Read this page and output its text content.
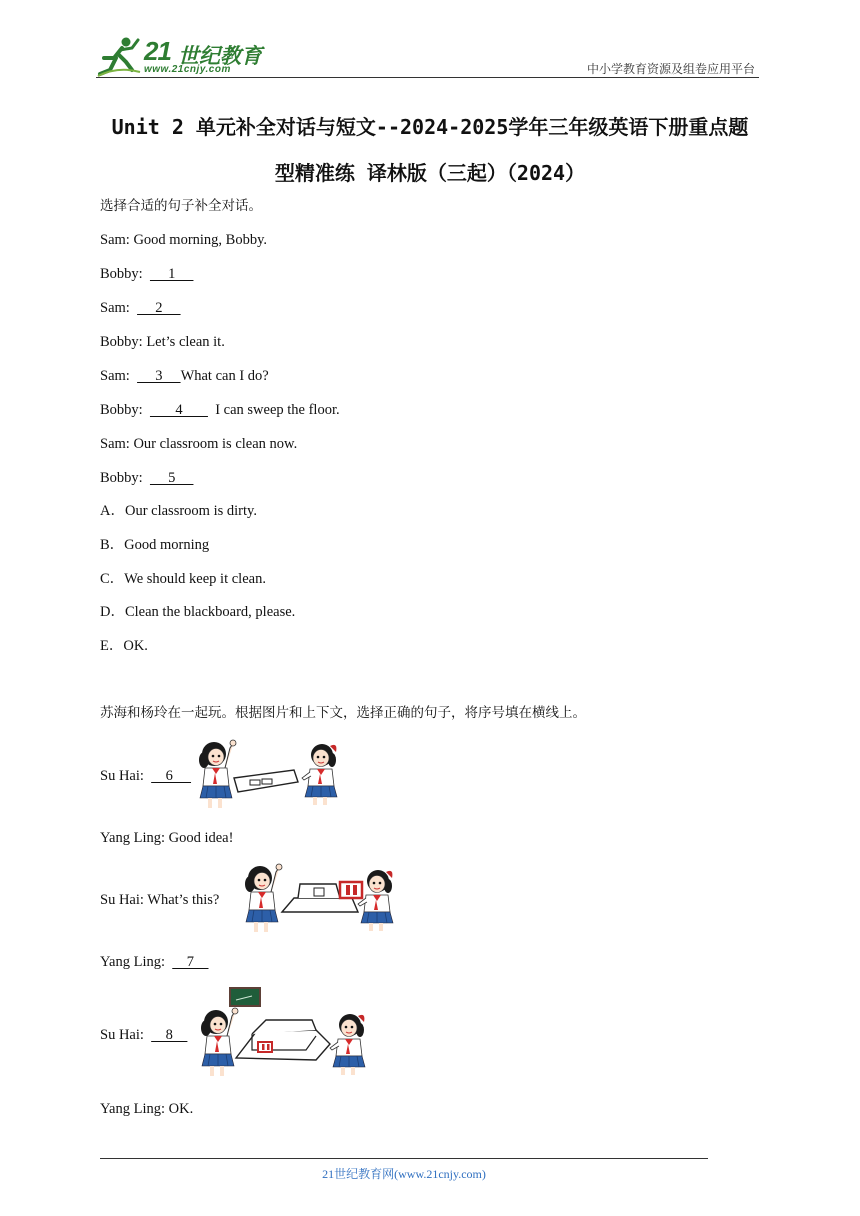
21 世纪教育
www.21cnjy.com	中小学教育资源及组卷应用平台
Unit 2 单元补全对话与短文--2024-2025学年三年级英语下册重点题
型精准练 译林版（三起）（2024）
选择合适的句子补全对话。
Sam: Good morning, Bobby.
Bobby:       1
Sam:       2
Bobby: Let’s clean it.
Sam:       3     What can I do?
Bobby:         4         I can sweep the floor.
Sam: Our classroom is clean now.
Bobby:       5
A．Our classroom is dirty.
B．Good morning
C．We should keep it clean.
D．Clean the blackboard, please.
E．OK.
苏海和杨玲在一起玩。根据图片和上下文，选择正确的句子，将序号填在横线上。
Su Hai:      6
Yang Ling: Good idea!
Su Hai: What’s this?
Yang Ling:      7
Su Hai:      8
Yang Ling: OK.
21世纪教育网(www.21cnjy.com)
